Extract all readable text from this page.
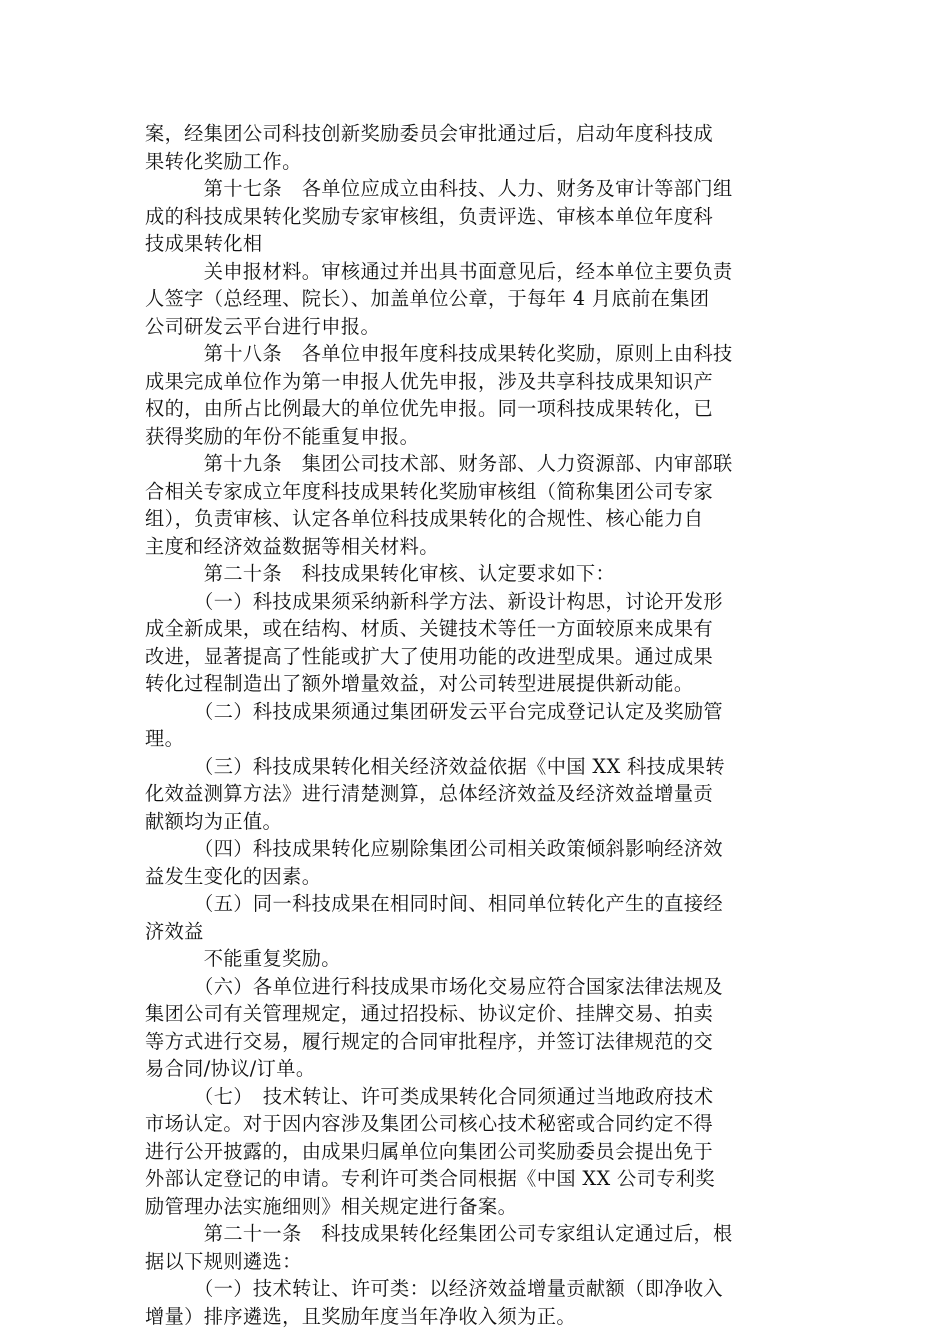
案，经集团公司科技创新奖励委员会审批通过后，启动年度科技成
果转化奖励工作。
　　　第十七条　各单位应成立由科技、人力、财务及审计等部门组
成的科技成果转化奖励专家审核组，负责评选、审核本单位年度科
技成果转化相
　　　关申报材料。审核通过并出具书面意见后，经本单位主要负责
人签字（总经理、院长）、加盖单位公章，于每年 4 月底前在集团
公司研发云平台进行申报。
　　　第十八条　各单位申报年度科技成果转化奖励，原则上由科技
成果完成单位作为第一申报人优先申报，涉及共享科技成果知识产
权的，由所占比例最大的单位优先申报。同一项科技成果转化，已
获得奖励的年份不能重复申报。
　　　第十九条　集团公司技术部、财务部、人力资源部、内审部联
合相关专家成立年度科技成果转化奖励审核组（简称集团公司专家
组），负责审核、认定各单位科技成果转化的合规性、核心能力自
主度和经济效益数据等相关材料。
　　　第二十条　科技成果转化审核、认定要求如下：
　　　（一）科技成果须采纳新科学方法、新设计构思，讨论开发形
成全新成果，或在结构、材质、关键技术等任一方面较原来成果有
改进，显著提高了性能或扩大了使用功能的改进型成果。通过成果
转化过程制造出了额外增量效益，对公司转型进展提供新动能。
　　　（二）科技成果须通过集团研发云平台完成登记认定及奖励管
理。
　　　（三）科技成果转化相关经济效益依据《中国 XX 科技成果转
化效益测算方法》进行清楚测算，总体经济效益及经济效益增量贡
献额均为正值。
　　　（四）科技成果转化应剔除集团公司相关政策倾斜影响经济效
益发生变化的因素。
　　　（五）同一科技成果在相同时间、相同单位转化产生的直接经
济效益
　　　不能重复奖励。
　　　（六）各单位进行科技成果市场化交易应符合国家法律法规及
集团公司有关管理规定，通过招投标、协议定价、挂牌交易、拍卖
等方式进行交易，履行规定的合同审批程序，并签订法律规范的交
易合同/协议/订单。
　　　（七）　技术转让、许可类成果转化合同须通过当地政府技术
市场认定。对于因内容涉及集团公司核心技术秘密或合同约定不得
进行公开披露的，由成果归属单位向集团公司奖励委员会提出免于
外部认定登记的申请。专利许可类合同根据《中国 XX 公司专利奖
励管理办法实施细则》相关规定进行备案。
　　　第二十一条　科技成果转化经集团公司专家组认定通过后，根
据以下规则遴选：
　　　（一）技术转让、许可类：以经济效益增量贡献额（即净收入
增量）排序遴选，且奖励年度当年净收入须为正。
